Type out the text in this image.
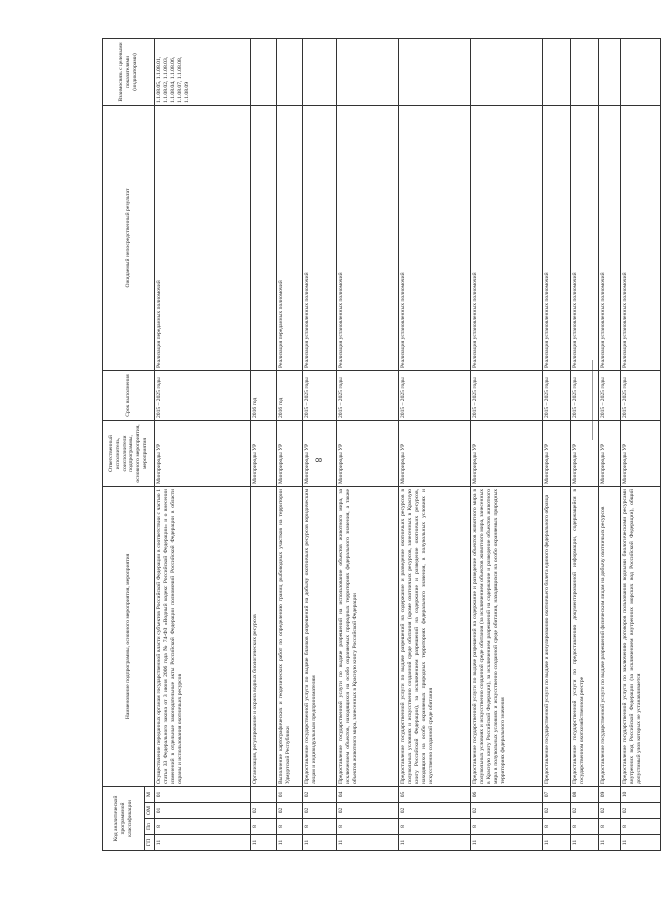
8
Код аналитической программной классификации				Наименование подпрограммы, основного мероприятия, мероприятия	Ответственный исполнитель, соисполнители подпрограммы, основного мероприятия, мероприятия	Срок выполнения	Ожидаемый непосредственный результат	Взаимосвязь с целевыми показателями (индикаторами)
ГП	Пп	ОМ	М					
11	8	01	01	Осуществление переданных органам государственной власти субъектов Российской Федерации в соответствии с частью 1 статьи 33 Федерального закона от 3 июня 2006 года № 74-ФЗ «Водный кодекс Российской Федерации» и о внесении изменений в отдельные законодательные акты Российской Федерации полномочий Российской Федерации в области охраны и использования охотничьих ресурсов	Минприроды УР	2015 – 2025 годы	Реализация переданных полномочий	1.1.08.05, 1.1.08.01, 1.1.08.02, 1.1.08.03, 1.1.08.04, 1.1.08.06, 1.1.08.07, 1.1.08.08, 1.1.08.09
11	8	02		Организация, регулирование и охрана водных биологических ресурсов	Минприроды УР	2016 год		
11	8	02	01	Выполнение картографических и геодезических работ по определению границ рыбоводных участков на территории Удмуртской Республики	Минприроды УР	2016 год	Реализация переданных полномочий	
11	8	02	02	Предоставление государственной услуги по выдаче бланков разрешений на добычу охотничьих ресурсов юридическим лицам и индивидуальным предпринимателям	Минприроды УР	2015 – 2025 годы	Реализация установленных полномочий	
11	8	02	04	Предоставление государственной услуги по выдаче разрешений на использование объектов животного мира, за исключением объектов, находящихся на особо охраняемых природных территориях федерального значения, а также объектов животного мира, занесенных в Красную книгу Российской Федерации	Минприроды УР	2015 – 2025 годы	Реализация установленных полномочий	
11	8	02	05	Предоставление государственной услуги по выдаче разрешений на содержание и разведение охотничьих ресурсов в полувольных условиях и искусственно созданной среде обитания (кроме охотничьих ресурсов, занесенных в Красную книгу Российской Федерации), за исключением разрешений на содержание и разведение охотничьих ресурсов, находящихся на особо охраняемых природных территориях федерального значения, в полувольных условиях и искусственно созданной среде обитания	Минприроды УР	2015 – 2025 годы	Реализация установленных полномочий	
11	8	02	06	Предоставление государственной услуги по выдаче разрешений на содержание и разведение объектов животного мира в полувольных условиях и искусственно созданной среде обитания (за исключением объектов животного мира, занесенных в Красную книгу Российской Федерации), за исключением разрешений на содержание и разведение объектов животного мира в полувольных условиях и искусственно созданной среде обитания, находящихся на особо охраняемых природных территориях федерального значения	Минприроды УР	2015 – 2025 годы	Реализация установленных полномочий	
11	8	02	07	Предоставление государственной услуги по выдаче и аннулированию охотничьего билета единого федерального образца	Минприроды УР	2015 – 2025 годы	Реализация установленных полномочий	
11	8	02	08	Предоставление государственной услуги по предоставлению документированной информации, содержащейся в государственном охотхозяйственном реестре	Минприроды УР	2015 – 2025 годы	Реализация установленных полномочий	
11	8	02	09	Предоставление государственной услуги по выдаче разрешений физическим лицам на добычу охотничьих ресурсов	Минприроды УР	2015 – 2025 годы	Реализация установленных полномочий	
11	8	02	10	Предоставление государственной услуги по заключению договоров пользования водными биологическими ресурсами внутренних вод Российской Федерации (за исключением внутренних морских вод Российской Федерации), общий допустимый улов которых не устанавливается	Минприроды УР	2015 – 2025 годы	Реализация установленных полномочий	
